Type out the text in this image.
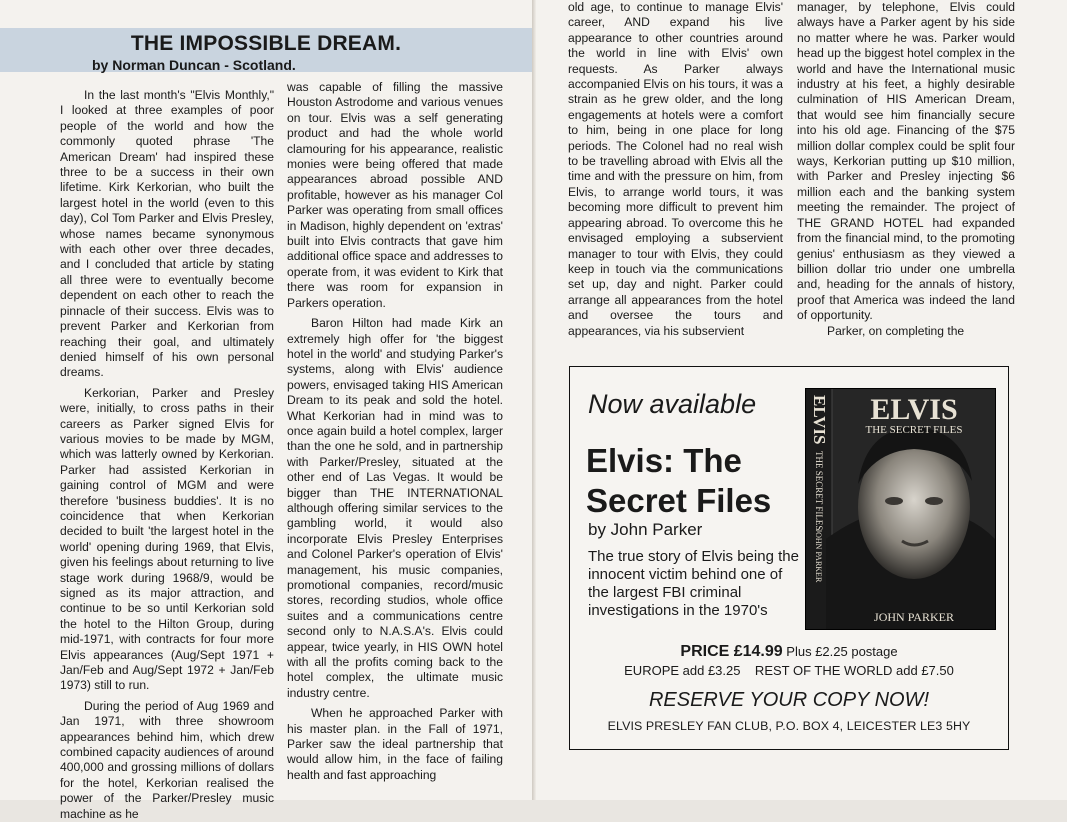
THE IMPOSSIBLE DREAM.
by Norman Duncan - Scotland.

In the last month's "Elvis Monthly," I looked at three examples of poor people of the world and how the commonly quoted phrase 'The American Dream' had inspired these three to be a success in their own lifetime. Kirk Kerkorian, who built the largest hotel in the world (even to this day), Col Tom Parker and Elvis Presley, whose names became synonymous with each other over three decades, and I concluded that article by stating all three were to eventually become dependent on each other to reach the pinnacle of their success. Elvis was to prevent Parker and Kerkorian from reaching their goal, and ultimately denied himself of his own personal dreams.

Kerkorian, Parker and Presley were, initially, to cross paths in their careers as Parker signed Elvis for various movies to be made by MGM, which was latterly owned by Kerkorian. Parker had assisted Kerkorian in gaining control of MGM and were therefore 'business buddies'. It is no coincidence that when Kerkorian decided to built 'the largest hotel in the world' opening during 1969, that Elvis, given his feelings about returning to live stage work during 1968/9, would be signed as its major attraction, and continue to be so until Kerkorian sold the hotel to the Hilton Group, during mid-1971, with contracts for four more Elvis appearances (Aug/Sept 1971 + Jan/Feb and Aug/Sept 1972 + Jan/Feb 1973) still to run.

During the period of Aug 1969 and Jan 1971, with three showroom appearances behind him, which drew combined capacity audiences of around 400,000 and grossing millions of dollars for the hotel, Kerkorian realised the power of the Parker/Presley music machine as he

was capable of filling the massive Houston Astrodome and various venues on tour. Elvis was a self generating product and had the whole world clamouring for his appearance, realistic monies were being offered that made appearances abroad possible AND profitable, however as his manager Col Parker was operating from small offices in Madison, highly dependent on 'extras' built into Elvis contracts that gave him additional office space and addresses to operate from, it was evident to Kirk that there was room for expansion in Parkers operation.

Baron Hilton had made Kirk an extremely high offer for 'the biggest hotel in the world' and studying Parker's systems, along with Elvis' audience powers, envisaged taking HIS American Dream to its peak and sold the hotel. What Kerkorian had in mind was to once again build a hotel complex, larger than the one he sold, and in partnership with Parker/Presley, situated at the other end of Las Vegas. It would be bigger than THE INTERNATIONAL although offering similar services to the gambling world, it would also incorporate Elvis Presley Enterprises and Colonel Parker's operation of Elvis' management, his music companies, promotional companies, record/music stores, recording studios, whole office suites and a communications centre second only to N.A.S.A's. Elvis could appear, twice yearly, in HIS OWN hotel with all the profits coming back to the hotel complex, the ultimate music industry centre.

When he approached Parker with his master plan. in the Fall of 1971, Parker saw the ideal partnership that would allow him, in the face of failing health and fast approaching

old age, to continue to manage Elvis' career, AND expand his live appearance to other countries around the world in line with Elvis' own requests. As Parker always accompanied Elvis on his tours, it was a strain as he grew older, and the long engagements at hotels were a comfort to him, being in one place for long periods. The Colonel had no real wish to be travelling abroad with Elvis all the time and with the pressure on him, from Elvis, to arrange world tours, it was becoming more difficult to prevent him appearing abroad. To overcome this he envisaged employing a subservient manager to tour with Elvis, they could keep in touch via the communications set up, day and night. Parker could arrange all appearances from the hotel and oversee the tours and appearances, via his subservient

manager, by telephone, Elvis could always have a Parker agent by his side no matter where he was. Parker would head up the biggest hotel complex in the world and have the International music industry at his feet, a highly desirable culmination of HIS American Dream, that would see him financially secure into his old age. Financing of the $75 million dollar complex could be split four ways, Kerkorian putting up $10 million, with Parker and Presley injecting $6 million each and the banking system meeting the remainder. The project of THE GRAND HOTEL had expanded from the financial mind, to the promoting genius' enthusiasm as they viewed a billion dollar trio under one umbrella and, heading for the annals of history, proof that America was indeed the land of opportunity.

Parker, on completing the

Now available
Elvis: The Secret Files
by John Parker
The true story of Elvis being the innocent victim behind one of the largest FBI criminal investigations in the 1970's
ELVIS
THE SECRET FILES
JOHN PARKER
ELVIS
THE SECRET FILES
JOHN PARKER
PRICE £14.99 Plus £2.25 postage
EUROPE add £3.25    REST OF THE WORLD add £7.50
RESERVE YOUR COPY NOW!
ELVIS PRESLEY FAN CLUB, P.O. BOX 4, LEICESTER LE3 5HY
